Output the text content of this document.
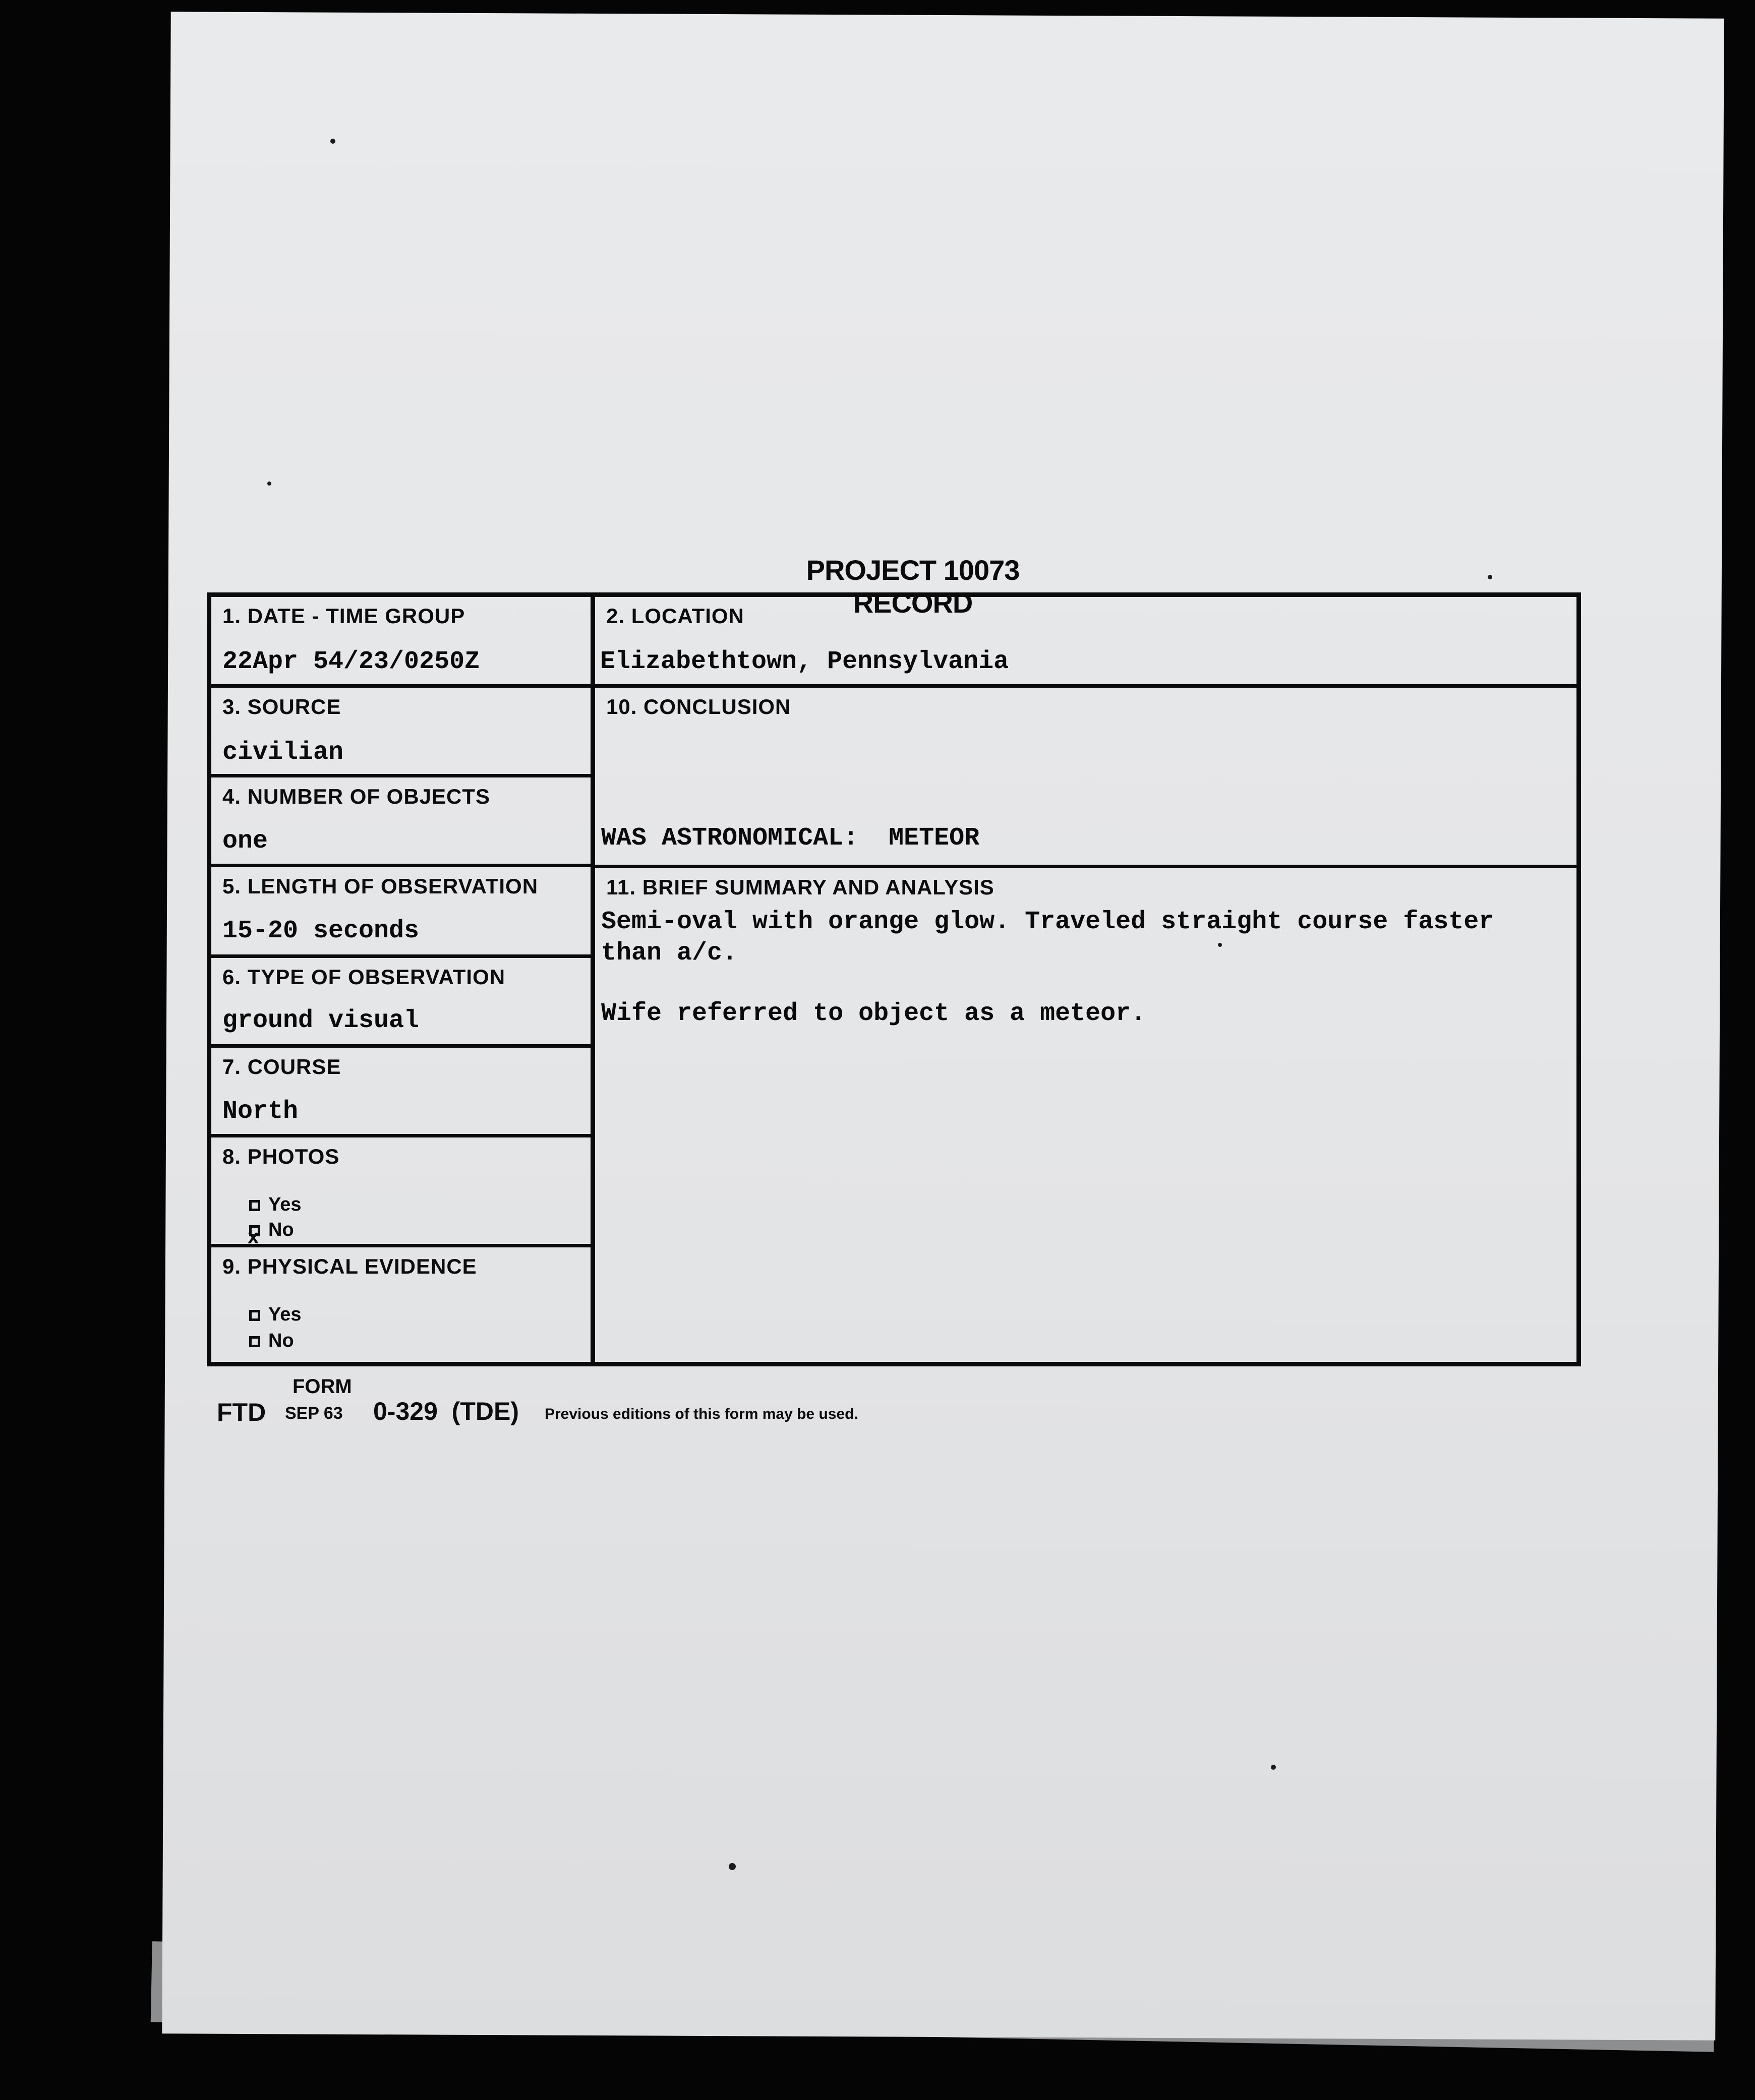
PROJECT 10073 RECORD
1. DATE - TIME GROUP
22Apr 54/23/0250Z
3. SOURCE
civilian
4. NUMBER OF OBJECTS
one
5. LENGTH OF OBSERVATION
15-20 seconds
6. TYPE OF OBSERVATION
ground visual
7. COURSE
North
8. PHOTOS
Yes
x No
9. PHYSICAL EVIDENCE
Yes
No
2. LOCATION
Elizabethtown, Pennsylvania
10. CONCLUSION
WAS ASTRONOMICAL:  METEOR
11. BRIEF SUMMARY AND ANALYSIS
Semi-oval with orange glow. Traveled straight course faster
than a/c.
Wife referred to object as a meteor.
FORM
FTD SEP 63 0-329  (TDE) Previous editions of this form may be used.
